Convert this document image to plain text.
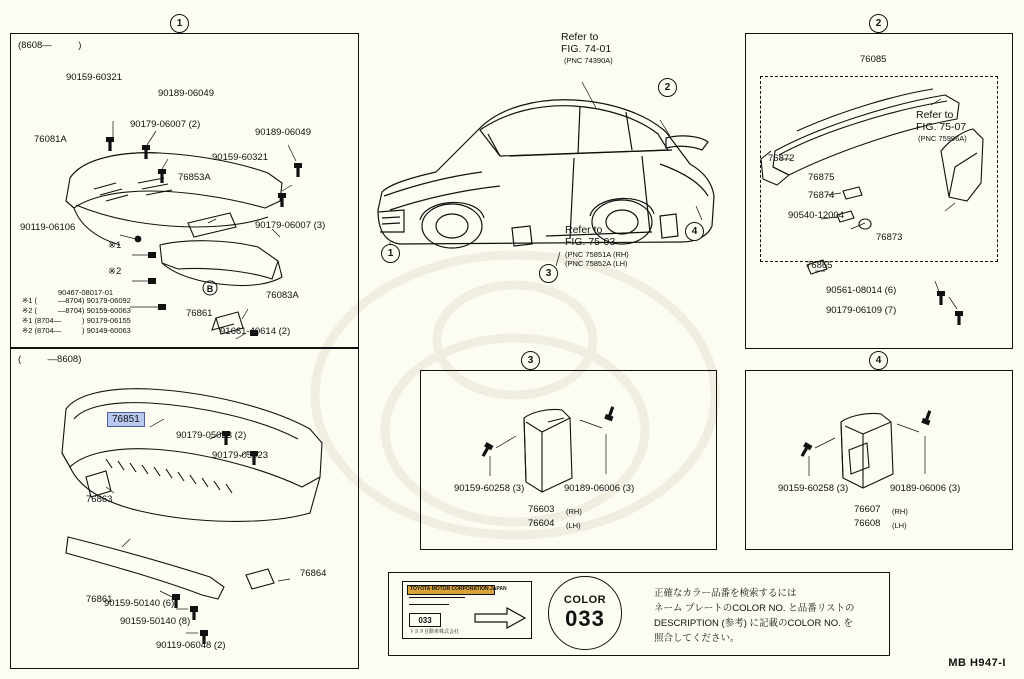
1
(8608—          )
B
90159-60321
90189-06049
90179-06007 (2)
90189-06049
90159-60321
76081A
76853A
90179-06007 (3)
90119-06106
※1
※2
90467-08017-01
76861
76083A
91661-40614 (2)
※1 (          —8704) 90179-06092
※2 (          —8704) 90159-60063
※1 (8704—          ) 90179-06155
※2 (8704—          ) 90149-60063
(          —8608)
76851
90179-05023 (2)
90179-05023
76863
76861
76864
90159-50140 (6)
90159-50140 (8)
90119-06048 (2)
Refer to
FIG. 74-01
(PNC 74390A)
Refer to
FIG. 75-03
(PNC 75851A (RH)
(PNC 75852A (LH)
2
4
3
1
2
76085
Refer to
FIG. 75-07
(PNC 75996A)
76872
76875
76874
90540-12004
76873
76865
90561-08014 (6)
90179-06109 (7)
3
90159-60258 (3)	90189-06006 (3)
76603 (RH)
76604 (LH)
4
90159-60258 (3)	90189-06006 (3)
76607 (RH)
76608 (LH)
TOYOTA MOTOR CORPORATION JAPAN
033
トヨタ自動車株式会社
COLOR
033
正確なカラー品番を検索するには
ネーム プレートのCOLOR NO. と品番リストの
DESCRIPTION (参考) に記載のCOLOR NO. を
照合してください。
MB H947-I
